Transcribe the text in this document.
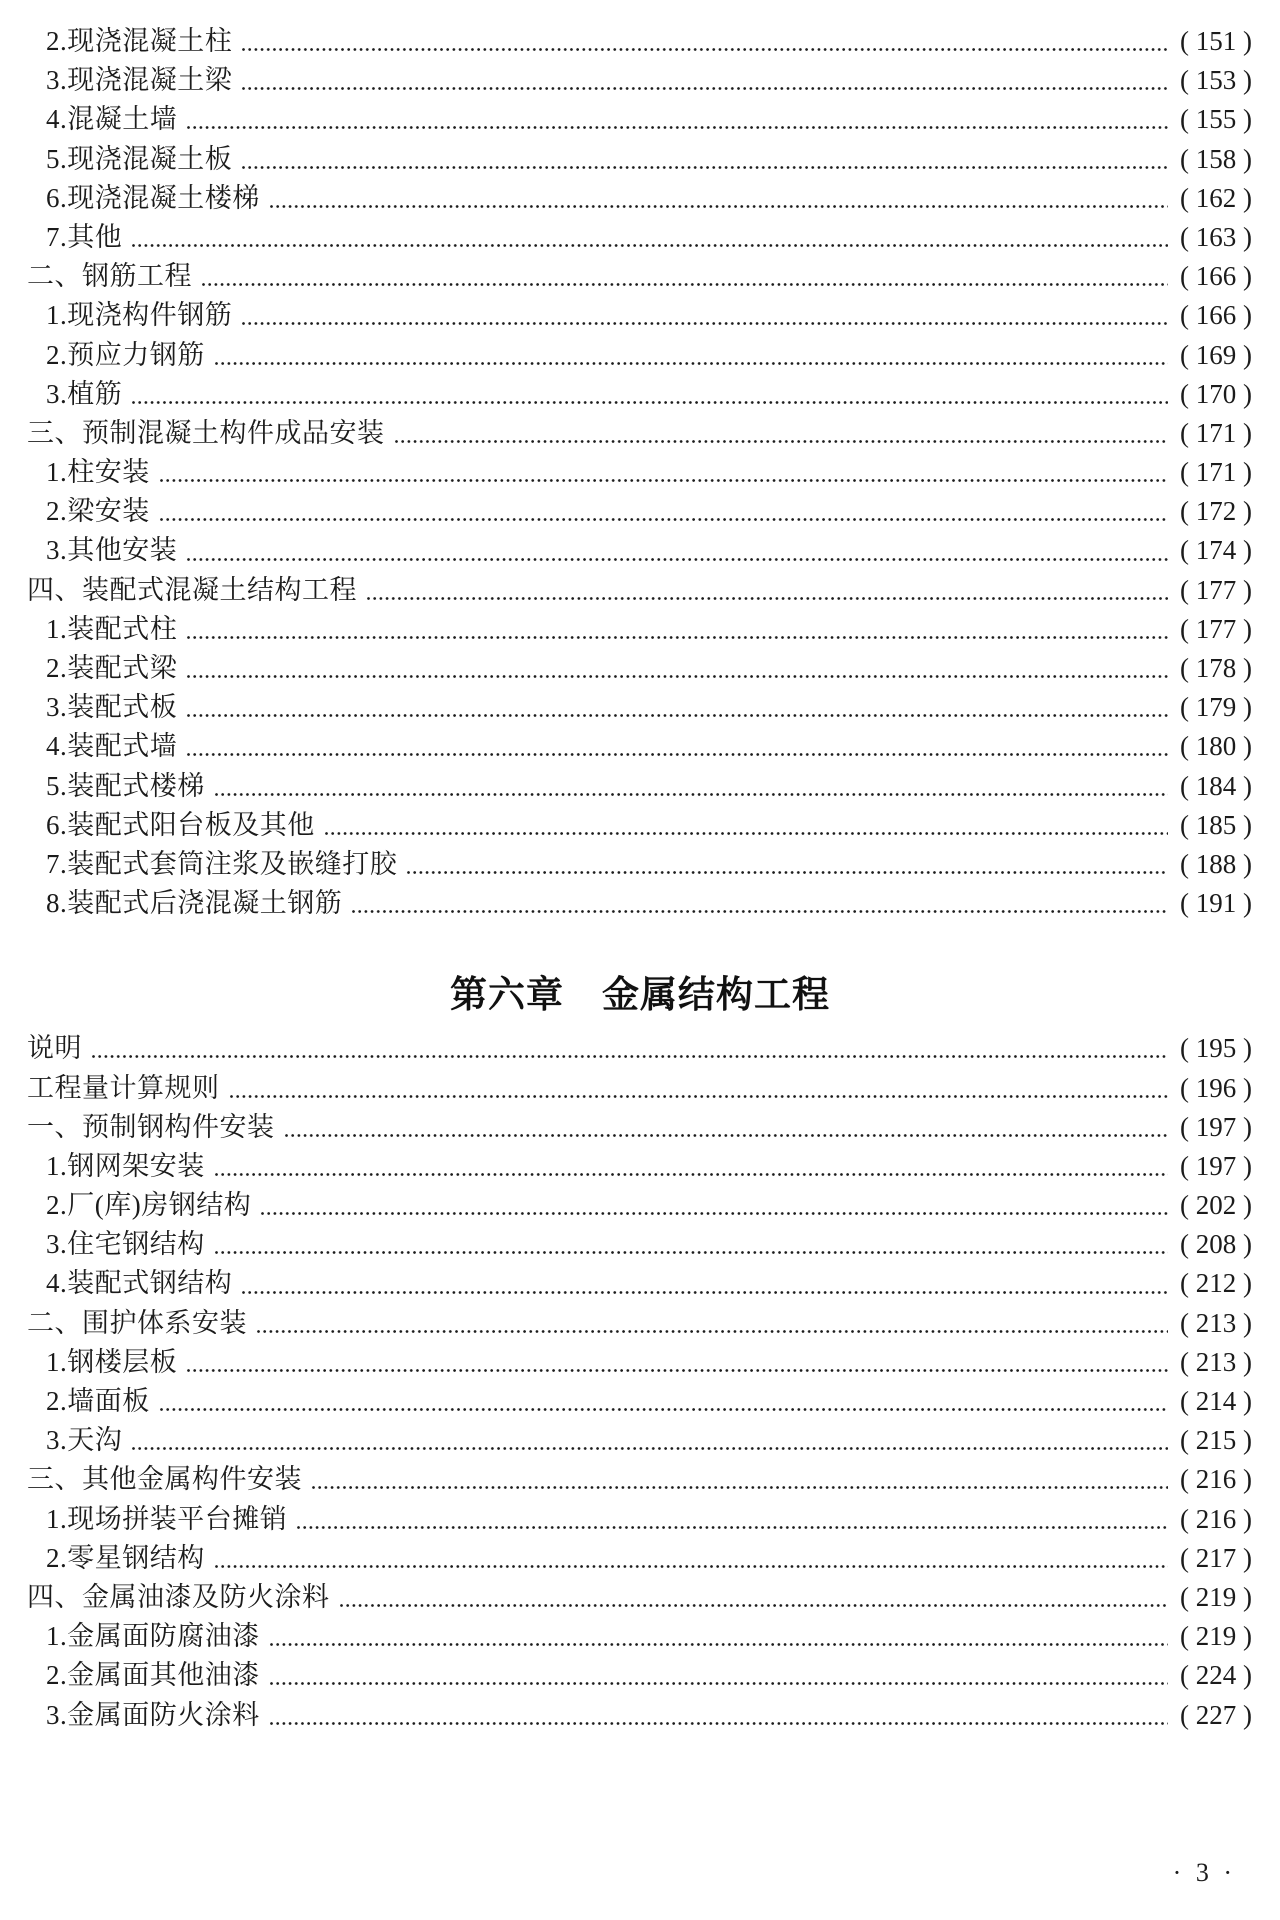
2.现浇混凝土柱	( 151 )
3.现浇混凝土梁	( 153 )
4.混凝土墙	( 155 )
5.现浇混凝土板	( 158 )
6.现浇混凝土楼梯	( 162 )
7.其他	( 163 )
二、钢筋工程	( 166 )
1.现浇构件钢筋	( 166 )
2.预应力钢筋	( 169 )
3.植筋	( 170 )
三、预制混凝土构件成品安装	( 171 )
1.柱安装	( 171 )
2.梁安装	( 172 )
3.其他安装	( 174 )
四、装配式混凝土结构工程	( 177 )
1.装配式柱	( 177 )
2.装配式梁	( 178 )
3.装配式板	( 179 )
4.装配式墙	( 180 )
5.装配式楼梯	( 184 )
6.装配式阳台板及其他	( 185 )
7.装配式套筒注浆及嵌缝打胶	( 188 )
8.装配式后浇混凝土钢筋	( 191 )
第六章　金属结构工程
说明	( 195 )
工程量计算规则	( 196 )
一、预制钢构件安装	( 197 )
1.钢网架安装	( 197 )
2.厂(库)房钢结构	( 202 )
3.住宅钢结构	( 208 )
4.装配式钢结构	( 212 )
二、围护体系安装	( 213 )
1.钢楼层板	( 213 )
2.墙面板	( 214 )
3.天沟	( 215 )
三、其他金属构件安装	( 216 )
1.现场拼装平台摊销	( 216 )
2.零星钢结构	( 217 )
四、金属油漆及防火涂料	( 219 )
1.金属面防腐油漆	( 219 )
2.金属面其他油漆	( 224 )
3.金属面防火涂料	( 227 )
· 3 ·
